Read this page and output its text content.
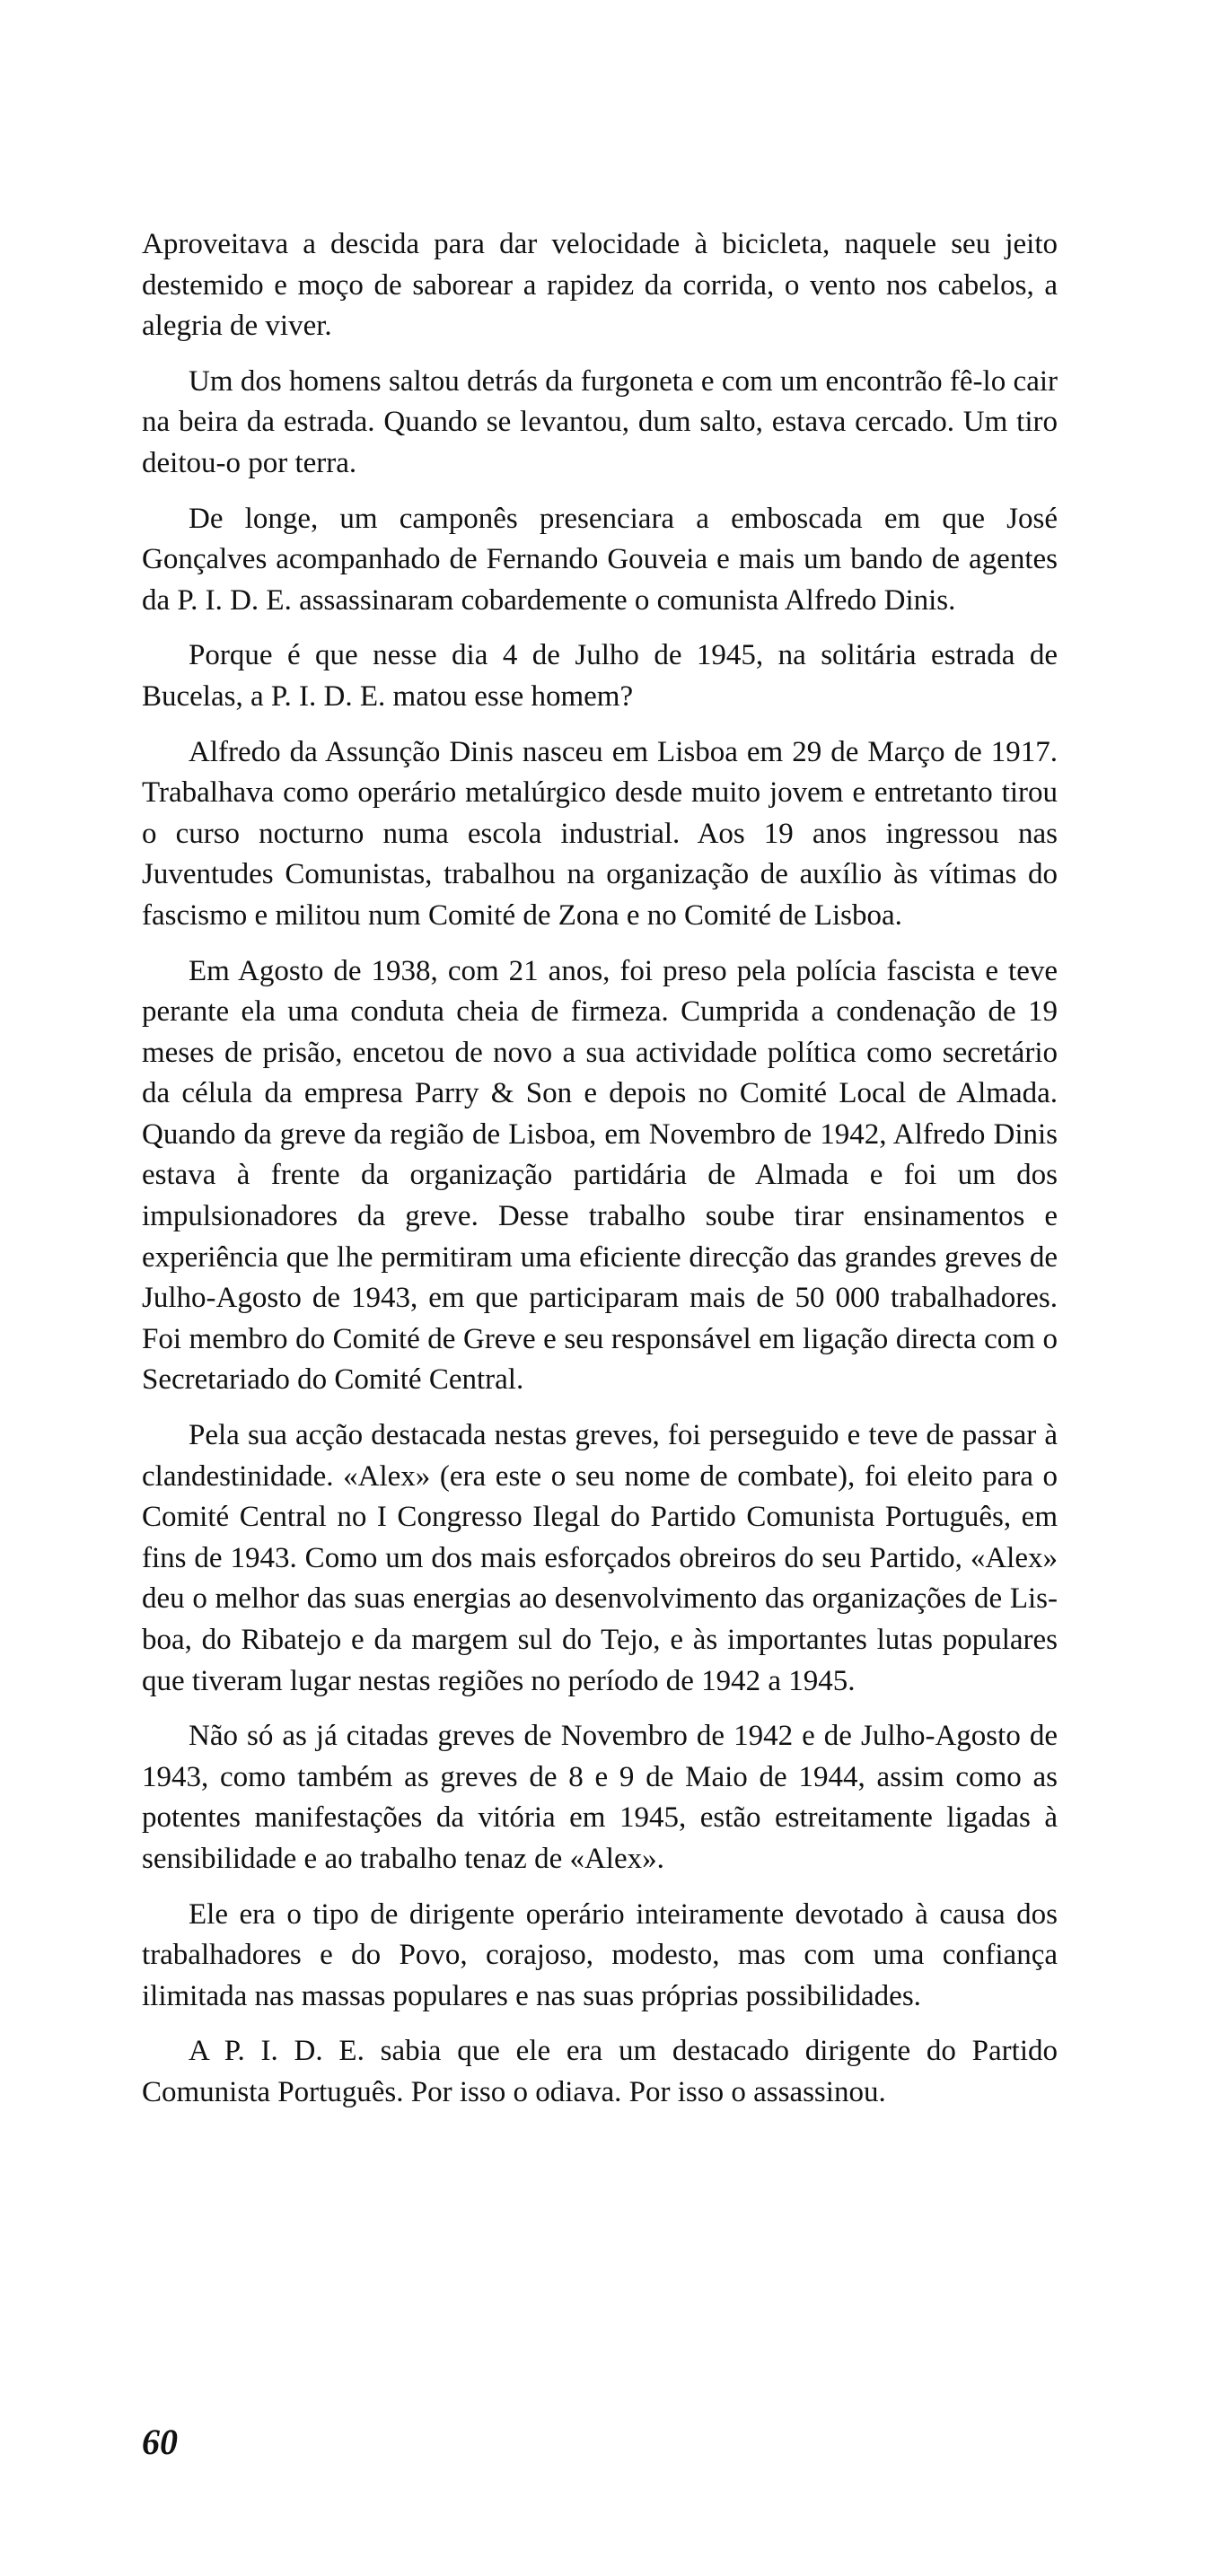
Aproveitava a descida para dar velocidade à bicicleta, naquele seu jeito destemido e moço de saborear a rapidez da corrida, o vento nos cabelos, a alegria de viver.

Um dos homens saltou detrás da furgoneta e com um encontrão fê-lo cair na beira da estrada. Quando se levantou, dum salto, estava cercado. Um tiro deitou-o por terra.

De longe, um camponês presenciara a emboscada em que José Gonçalves acompanhado de Fernando Gouveia e mais um bando de agentes da P. I. D. E. assassinaram cobardemente o comunista Alfredo Dinis.

Porque é que nesse dia 4 de Julho de 1945, na solitária estrada de Bucelas, a P. I. D. E. matou esse homem?

Alfredo da Assunção Dinis nasceu em Lisboa em 29 de Março de 1917. Trabalhava como operário metalúrgico desde muito jovem e entretanto tirou o curso nocturno numa escola industrial. Aos 19 anos ingressou nas Juventudes Comunistas, trabalhou na organização de auxílio às vítimas do fascismo e militou num Comité de Zona e no Comité de Lisboa.

Em Agosto de 1938, com 21 anos, foi preso pela polícia fascista e teve perante ela uma conduta cheia de firmeza. Cumprida a condenação de 19 meses de prisão, encetou de novo a sua actividade política como secretário da célula da empresa Parry & Son e depois no Comité Local de Almada. Quando da greve da região de Lisboa, em Novembro de 1942, Alfredo Dinis estava à frente da organização partidária de Almada e foi um dos impulsionadores da greve. Desse trabalho soube tirar ensinamentos e experiência que lhe permitiram uma eficiente direcção das grandes greves de Julho-Agosto de 1943, em que participaram mais de 50 000 trabalhadores. Foi membro do Comité de Greve e seu responsável em ligação directa com o Secretariado do Comité Central.

Pela sua acção destacada nestas greves, foi perseguido e teve de passar à clandestinidade. «Alex» (era este o seu nome de combate), foi eleito para o Comité Central no I Congresso Ilegal do Partido Comunista Português, em fins de 1943. Como um dos mais esforçados obreiros do seu Partido, «Alex» deu o melhor das suas energias ao desenvolvimento das organizações de Lisboa, do Ribatejo e da margem sul do Tejo, e às importantes lutas populares que tiveram lugar nestas regiões no período de 1942 a 1945.

Não só as já citadas greves de Novembro de 1942 e de Julho-Agosto de 1943, como também as greves de 8 e 9 de Maio de 1944, assim como as potentes manifestações da vitória em 1945, estão estreitamente ligadas à sensibilidade e ao trabalho tenaz de «Alex».

Ele era o tipo de dirigente operário inteiramente devotado à causa dos trabalhadores e do Povo, corajoso, modesto, mas com uma confiança ilimitada nas massas populares e nas suas próprias possibilidades.

A P. I. D. E. sabia que ele era um destacado dirigente do Partido Comunista Português. Por isso o odiava. Por isso o assassinou.

60
